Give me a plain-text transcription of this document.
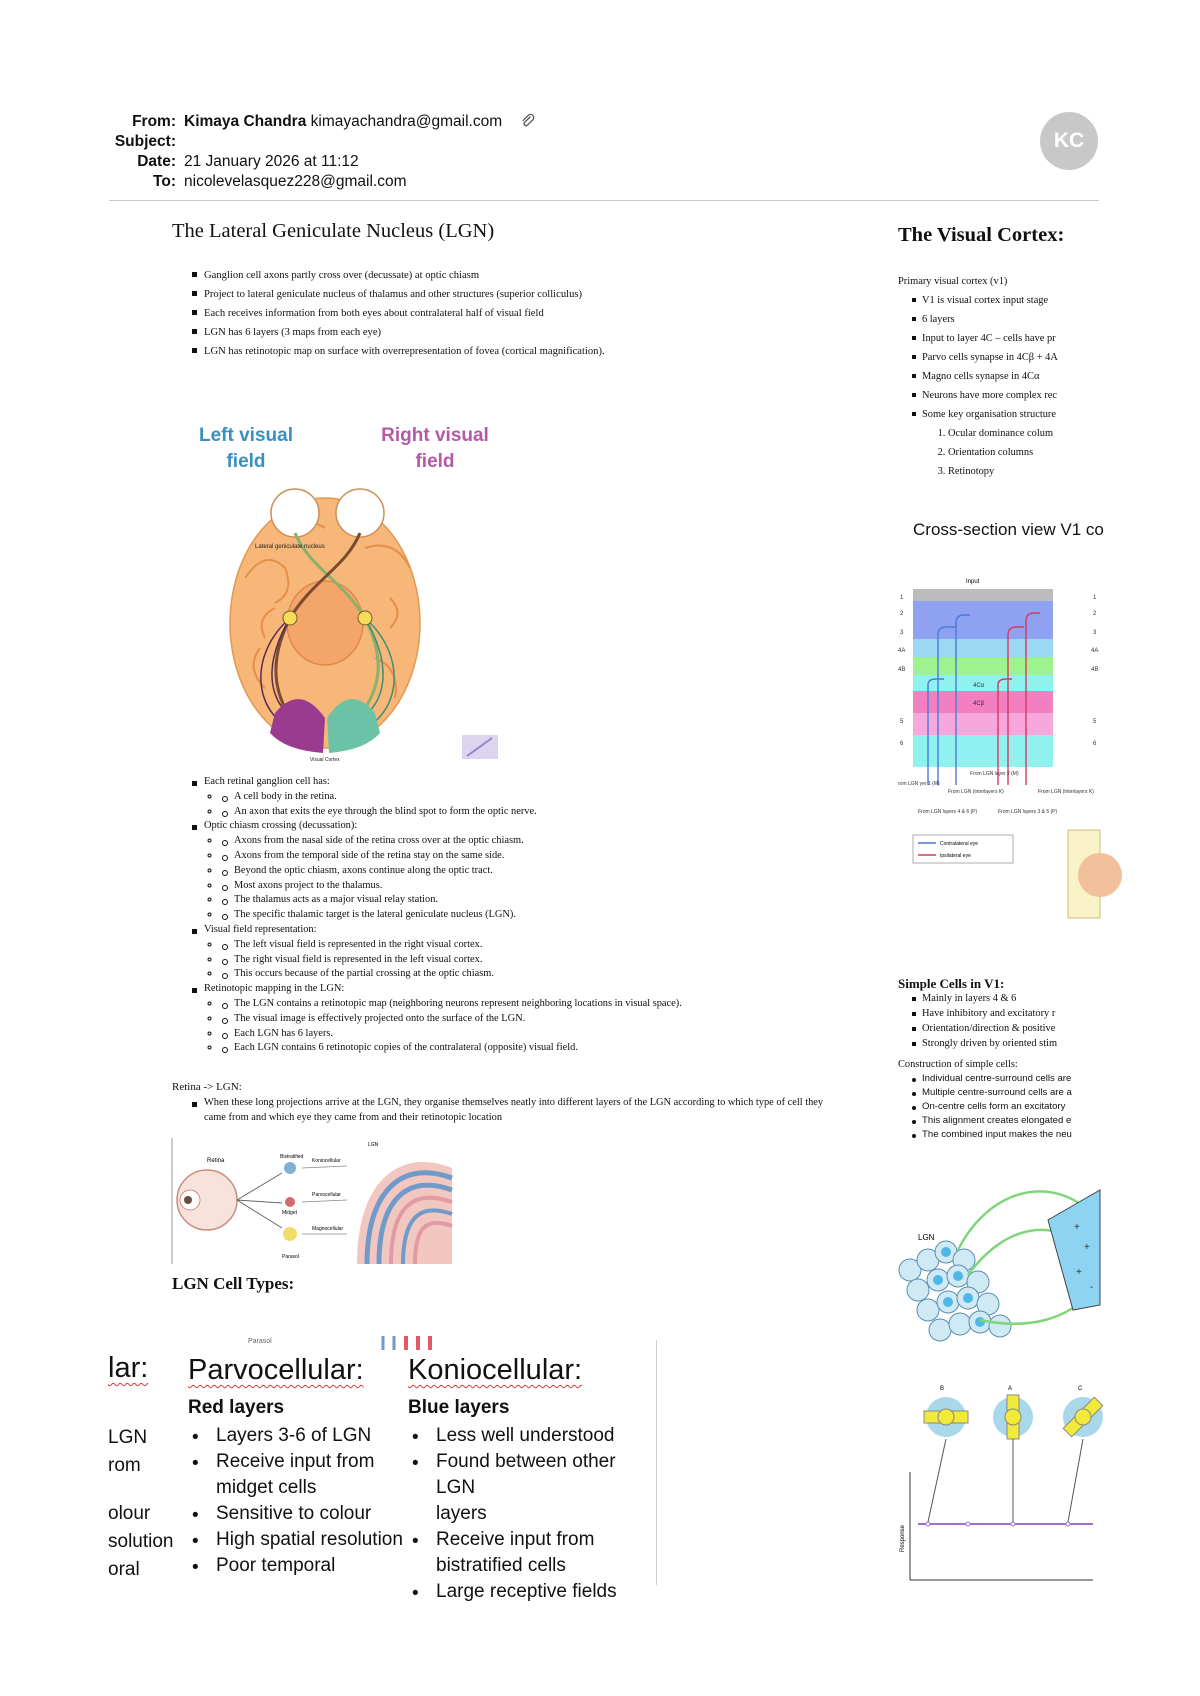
From: Kimaya Chandra kimayachandra@gmail.com
Subject:
Date: 21 January 2026 at 11:12
To: nicolevelasquez228@gmail.com
KC
The Lateral Geniculate Nucleus (LGN)
Ganglion cell axons partly cross over (decussate) at optic chiasm
Project to lateral geniculate nucleus of thalamus and other structures (superior colliculus)
Each receives information from both eyes about contralateral half of visual field
LGN has 6 layers (3 maps from each eye)
LGN has retinotopic map on surface with overrepresentation of fovea (cortical magnification).
Left visual field
Right visual field
Lateral geniculate nucleus
Visual Cortex
Each retinal ganglion cell has:
◦ A cell body in the retina.
◦ An axon that exits the eye through the blind spot to form the optic nerve.
Optic chiasm crossing (decussation):
◦ Axons from the nasal side of the retina cross over at the optic chiasm.
◦ Axons from the temporal side of the retina stay on the same side.
◦ Beyond the optic chiasm, axons continue along the optic tract.
◦ Most axons project to the thalamus.
◦ The thalamus acts as a major visual relay station.
◦ The specific thalamic target is the lateral geniculate nucleus (LGN).
Visual field representation:
◦ The left visual field is represented in the right visual cortex.
◦ The right visual field is represented in the left visual cortex.
◦ This occurs because of the partial crossing at the optic chiasm.
Retinotopic mapping in the LGN:
◦ The LGN contains a retinotopic map (neighboring neurons represent neighboring locations in visual space).
◦ The visual image is effectively projected onto the surface of the LGN.
◦ Each LGN has 6 layers.
◦ Each LGN contains 6 retinotopic copies of the contralateral (opposite) visual field.
Retina -> LGN:
When these long projections arrive at the LGN, they organise themselves neatly into different layers of the LGN according to which type of cell they came from and which eye they came from and their retinotopic location
Retina
Bistratified
Midget
Parasol
Koniocellular
Parvocellular
Magnocellular
LGN
LGN Cell Types:
Parasol
lar:
LGN
rom
olour
solution
oral
Parvocellular:
Red layers
• Layers 3-6 of LGN
• Receive input from
midget cells
• Sensitive to colour
• High spatial resolution
• Poor temporal
Koniocellular:
Blue layers
• Less well understood
• Found between other LGN
layers
• Receive input from
bistratified cells
• Large receptive fields
The Visual Cortex:
Primary visual cortex (v1)
V1 is visual cortex input stage
6 layers
Input to layer 4C – cells have pr
Parvo cells synapse in 4Cβ + 4A
Magno cells synapse in 4Cα
Neurons have more complex rec
Some key organisation structure
1. Ocular dominance colum
2. Orientation columns
3. Retinotopy
Cross-section view V1 co
Input
1
2
3
4A
4B
4Cα
4Cβ
5
6
rom LGN yer 1 (M)
From LGN layer 2 (M)
From LGN (interlayers K)	From LGN (interlayers K)
From LGN layers 4 & 6 (P)	From LGN layers 3 & 5 (P)
Contralateral eye
Ipsilateral eye
1
2
3
4A
4B
5
6
Simple Cells in V1:
Mainly in layers 4 & 6
Have inhibitory and excitatory r
Orientation/direction & positive
Strongly driven by oriented stim
Construction of simple cells:
Individual centre-surround cells are
Multiple centre-surround cells are a
On-centre cells form an excitatory
This alignment creates elongated e
The combined input makes the neu
LGN
+
+
+
-
B	A	C
Response
